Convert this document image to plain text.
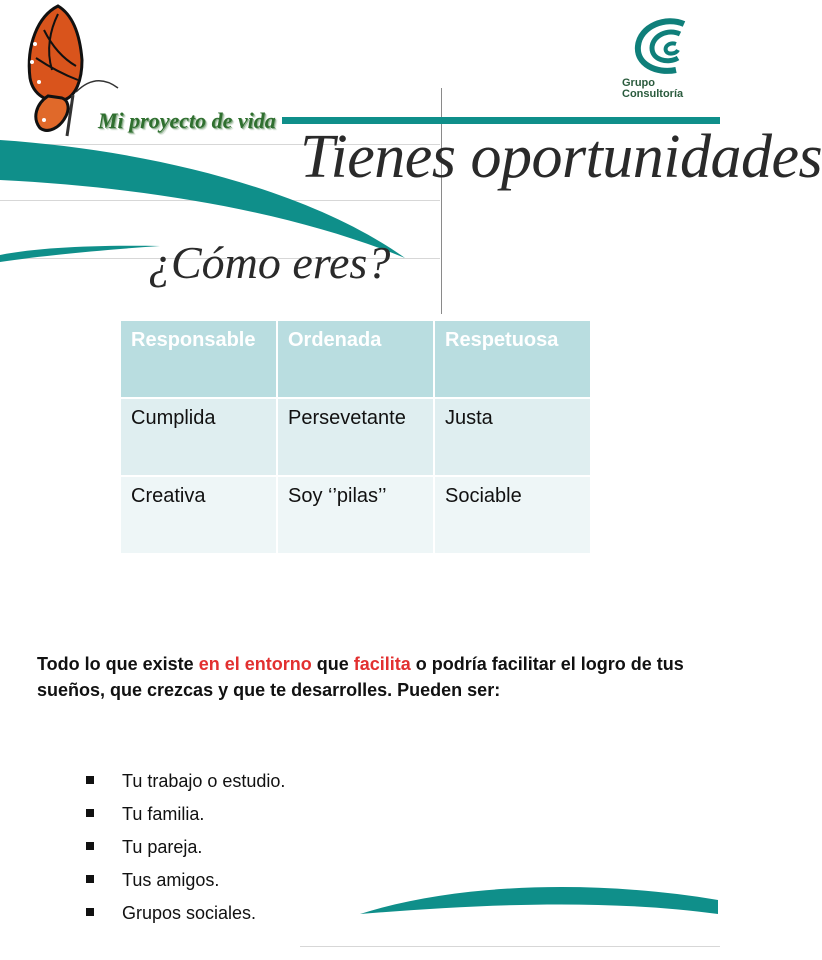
Grupo
Consultoría

Mi proyecto de vida

Tienes oportunidades
¿Cómo eres?
Responsable	Ordenada	Respetuosa
Cumplida	Persevetante	Justa
Creativa	Soy ‘’pilas’’	Sociable

Todo lo que existe en el entorno que facilita o podría facilitar el logro de tus sueños, que crezcas y que te desarrolles. Pueden ser:

Tu trabajo o estudio.
Tu familia.
Tu pareja.
Tus amigos.
Grupos sociales.
